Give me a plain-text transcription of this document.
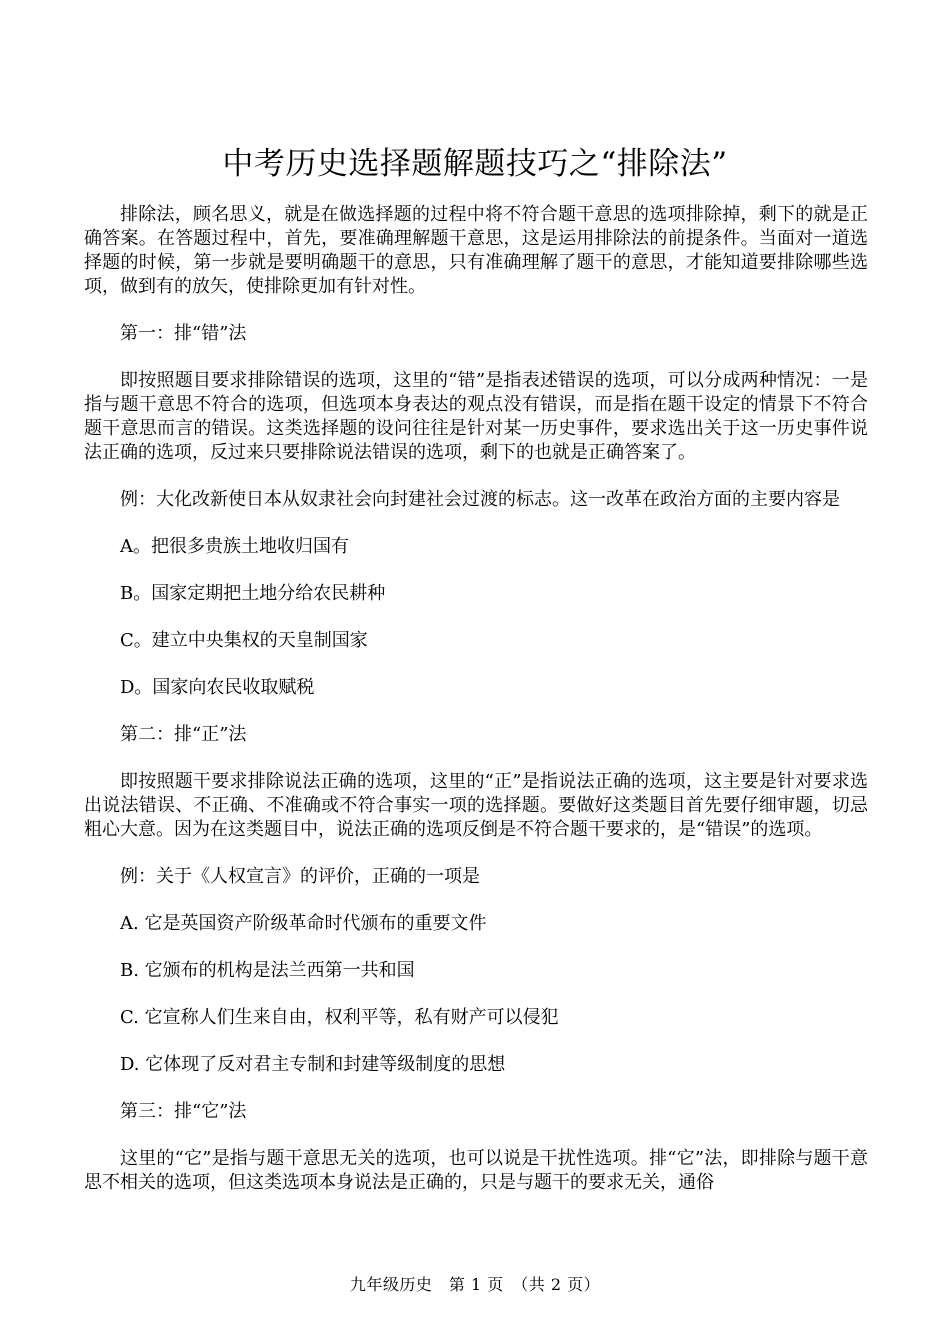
中考历史选择题解题技巧之“排除法”

排除法，顾名思义，就是在做选择题的过程中将不符合题干意思的选项排除掉，剩下的就是正确答案。在答题过程中，首先，要准确理解题干意思，这是运用排除法的前提条件。当面对一道选择题的时候，第一步就是要明确题干的意思，只有准确理解了题干的意思，才能知道要排除哪些选项，做到有的放矢，使排除更加有针对性。

第一：排“错”法

即按照题目要求排除错误的选项，这里的“错”是指表述错误的选项，可以分成两种情况：一是指与题干意思不符合的选项，但选项本身表达的观点没有错误，而是指在题干设定的情景下不符合题干意思而言的错误。这类选择题的设问往往是针对某一历史事件，要求选出关于这一历史事件说法正确的选项，反过来只要排除说法错误的选项，剩下的也就是正确答案了。

例：大化改新使日本从奴隶社会向封建社会过渡的标志。这一改革在政治方面的主要内容是

A。把很多贵族土地收归国有

B。国家定期把土地分给农民耕种

C。建立中央集权的天皇制国家

D。国家向农民收取赋税

第二：排“正”法

即按照题干要求排除说法正确的选项，这里的“正”是指说法正确的选项，这主要是针对要求选出说法错误、不正确、不准确或不符合事实一项的选择题。要做好这类题目首先要仔细审题，切忌粗心大意。因为在这类题目中，说法正确的选项反倒是不符合题干要求的，是“错误”的选项。

例：关于《人权宣言》的评价，正确的一项是

A. 它是英国资产阶级革命时代颁布的重要文件

B. 它颁布的机构是法兰西第一共和国

C. 它宣称人们生来自由，权利平等，私有财产可以侵犯

D. 它体现了反对君主专制和封建等级制度的思想

第三：排“它”法

这里的“它”是指与题干意思无关的选项，也可以说是干扰性选项。排“它”法，即排除与题干意思不相关的选项，但这类选项本身说法是正确的，只是与题干的要求无关，通俗

九年级历史　第 1 页　（共 2 页）
